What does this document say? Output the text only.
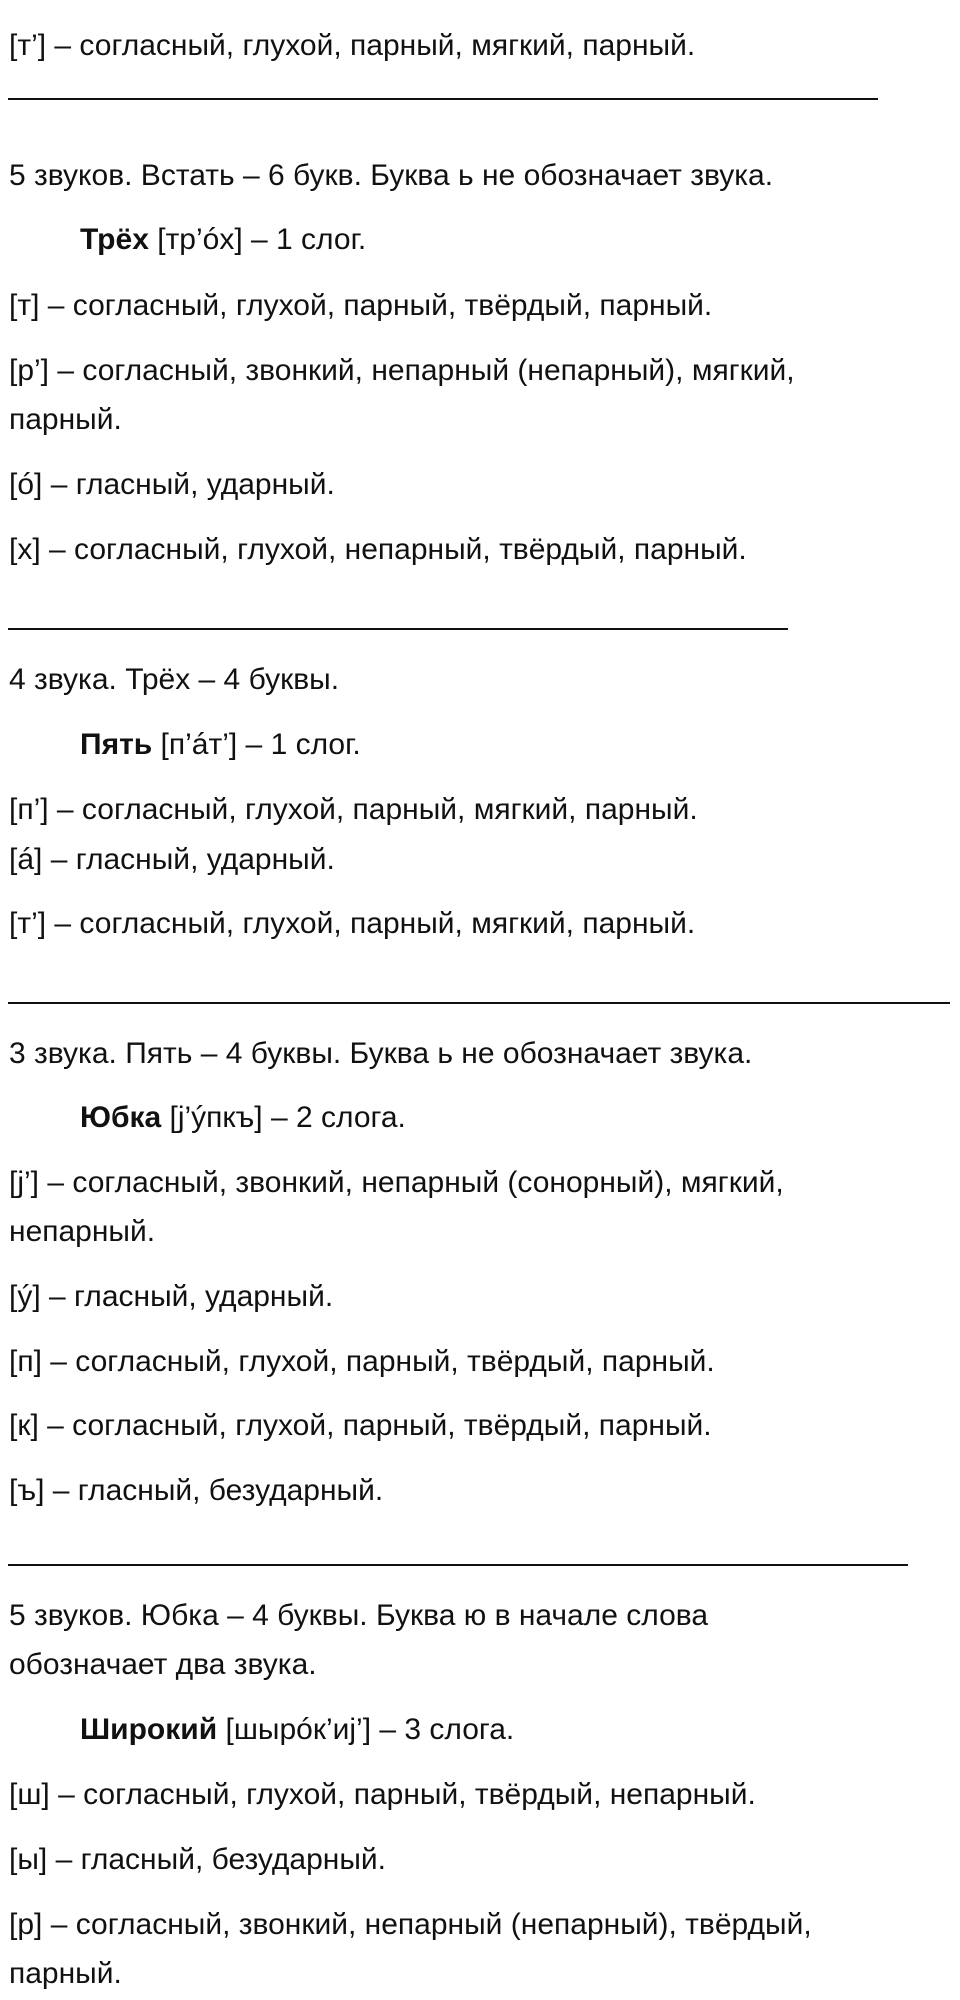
[т’] – согласный, глухой, парный, мягкий, парный.

5 звуков. Встать – 6 букв. Буква ь не обозначает звука.

Трёх [тр’óх] – 1 слог.

[т] – согласный, глухой, парный, твёрдый, парный.

[р’] – согласный, звонкий, непарный (непарный), мягкий,

парный.

[ó] – гласный, ударный.

[х] – согласный, глухой, непарный, твёрдый, парный.

4 звука. Трёх – 4 буквы.

Пять [п’áт’] – 1 слог.

[п’] – согласный, глухой, парный, мягкий, парный.

[á] – гласный, ударный.

[т’] – согласный, глухой, парный, мягкий, парный.

3 звука. Пять – 4 буквы. Буква ь не обозначает звука.

Юбка [j’ýпкъ] – 2 слога.

[j’] – согласный, звонкий, непарный (сонорный), мягкий,

непарный.

[ý] – гласный, ударный.

[п] – согласный, глухой, парный, твёрдый, парный.

[к] – согласный, глухой, парный, твёрдый, парный.

[ъ] – гласный, безударный.

5 звуков. Юбка – 4 буквы. Буква ю в начале слова

обозначает два звука.

Широкий [шырóк’иj’] – 3 слога.

[ш] – согласный, глухой, парный, твёрдый, непарный.

[ы] – гласный, безударный.

[р] – согласный, звонкий, непарный (непарный), твёрдый,

парный.
